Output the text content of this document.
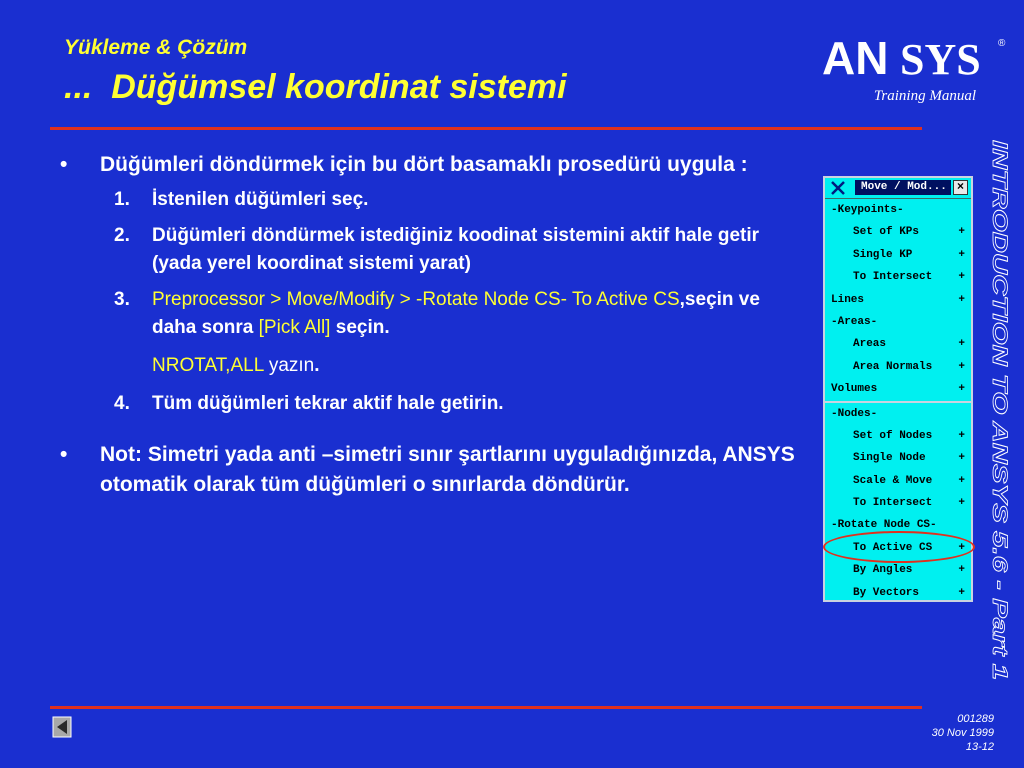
Yükleme & Çözüm
...  Düğümsel koordinat sistemi
AN SYS ®
Training Manual
• Düğümleri döndürmek için bu dört basamaklı prosedürü uygula :
1. İstenilen düğümleri seç.
2. Düğümleri döndürmek istediğiniz koodinat sistemini aktif hale getir (yada yerel koordinat sistemi yarat)
3. Preprocessor > Move/Modify > -Rotate Node CS- To Active CS,seçin ve daha sonra [Pick All] seçin.
NROTAT,ALL yazın.
4. Tüm düğümleri tekrar aktif hale getirin.
• Not: Simetri yada anti –simetri sınır şartlarını uyguladığınızda, ANSYS otomatik olarak tüm düğümleri o sınırlarda döndürür.
Move / Mod... ×
-Keypoints-
Set of KPs	+
Single KP	+
To Intersect +
Lines	+
-Areas-
Areas	+
Area Normals +
Volumes	+
-Nodes-
Set of Nodes +
Single Node	+
Scale & Move +
To Intersect +
-Rotate Node CS-
To Active CS +
By Angles	+
By Vectors	+
INTRODUCTION TO ANSYS 5.6 - Part 1
001289
30 Nov 1999
13-12
